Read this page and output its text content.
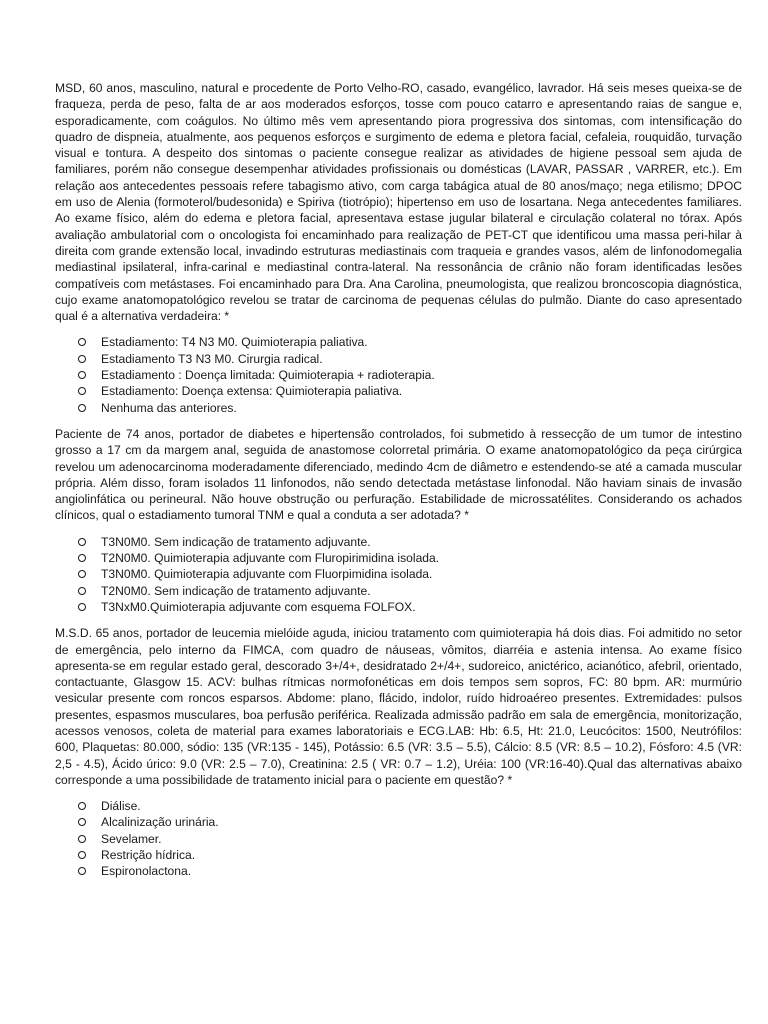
MSD, 60 anos, masculino, natural e procedente de Porto Velho-RO, casado, evangélico, lavrador. Há seis meses queixa-se de fraqueza, perda de peso, falta de ar aos moderados esforços, tosse com pouco catarro e apresentando raias de sangue e, esporadicamente, com coágulos. No último mês vem apresentando piora progressiva dos sintomas, com intensificação do quadro de dispneia, atualmente, aos pequenos esforços e surgimento de edema e pletora facial, cefaleia, rouquidão, turvação visual e tontura. A despeito dos sintomas o paciente consegue realizar as atividades de higiene pessoal sem ajuda de familiares, porém não consegue desempenhar atividades profissionais ou domésticas (LAVAR, PASSAR , VARRER, etc.). Em relação aos antecedentes pessoais refere tabagismo ativo, com carga tabágica atual de 80 anos/maço; nega etilismo; DPOC em uso de Alenia (formoterol/budesonida) e Spiriva (tiotrópio); hipertenso em uso de losartana. Nega antecedentes familiares. Ao exame físico, além do edema e pletora facial, apresentava estase jugular bilateral e circulação colateral no tórax. Após avaliação ambulatorial com o oncologista foi encaminhado para realização de PET-CT que identificou uma massa peri-hilar à direita com grande extensão local, invadindo estruturas mediastinais com traqueia e grandes vasos, além de linfonodomegalia mediastinal ipsilateral, infra-carinal e mediastinal contra-lateral. Na ressonância de crânio não foram identificadas lesões compatíveis com metástases. Foi encaminhado para Dra. Ana Carolina, pneumologista, que realizou broncoscopia diagnóstica, cujo exame anatomopatológico revelou se tratar de carcinoma de pequenas células do pulmão. Diante do caso apresentado qual é a alternativa verdadeira: *

Estadiamento: T4 N3 M0. Quimioterapia paliativa.
Estadiamento T3 N3 M0. Cirurgia radical.
Estadiamento : Doença limitada: Quimioterapia + radioterapia.
Estadiamento: Doença extensa: Quimioterapia paliativa.
Nenhuma das anteriores.

Paciente de 74 anos, portador de diabetes e hipertensão controlados, foi submetido à ressecção de um tumor de intestino grosso a 17 cm da margem anal, seguida de anastomose colorretal primária. O exame anatomopatológico da peça cirúrgica revelou um adenocarcinoma moderadamente diferenciado, medindo 4cm de diâmetro e estendendo-se até a camada muscular própria. Além disso, foram isolados 11 linfonodos, não sendo detectada metástase linfonodal. Não haviam sinais de invasão angiolinfática ou perineural. Não houve obstrução ou perfuração. Estabilidade de microssatélites. Considerando os achados clínicos, qual o estadiamento tumoral TNM e qual a conduta a ser adotada? *

T3N0M0. Sem indicação de tratamento adjuvante.
T2N0M0. Quimioterapia adjuvante com Fluropirimidina isolada.
T3N0M0. Quimioterapia adjuvante com Fluorpimidina isolada.
T2N0M0. Sem indicação de tratamento adjuvante.
T3NxM0.Quimioterapia adjuvante com esquema FOLFOX.

M.S.D. 65 anos, portador de leucemia mielóide aguda, iniciou tratamento com quimioterapia há dois dias. Foi admitido no setor de emergência, pelo interno da FIMCA, com quadro de náuseas, vômitos, diarréia e astenia intensa. Ao exame físico apresenta-se em regular estado geral, descorado 3+/4+, desidratado 2+/4+, sudoreico, anictérico, acianótico, afebril, orientado, contactuante, Glasgow 15. ACV: bulhas rítmicas normofonéticas em dois tempos sem sopros, FC: 80 bpm. AR: murmúrio vesicular presente com roncos esparsos. Abdome: plano, flácido, indolor, ruído hidroaéreo presentes. Extremidades: pulsos presentes, espasmos musculares, boa perfusão periférica. Realizada admissão padrão em sala de emergência, monitorização, acessos venosos, coleta de material para exames laboratoriais e ECG.LAB: Hb: 6.5, Ht: 21.0, Leucócitos: 1500, Neutrófilos: 600, Plaquetas: 80.000, sódio: 135 (VR:135 - 145), Potássio: 6.5 (VR: 3.5 – 5.5), Cálcio: 8.5 (VR: 8.5 – 10.2), Fósforo: 4.5 (VR: 2,5 - 4.5), Ácido úrico: 9.0 (VR: 2.5 – 7.0), Creatinina: 2.5 ( VR: 0.7 – 1.2), Uréia: 100 (VR:16-40).Qual das alternativas abaixo corresponde a uma possibilidade de tratamento inicial para o paciente em questão? *

Diálise.
Alcalinização urinária.
Sevelamer.
Restrição hídrica.
Espironolactona.
